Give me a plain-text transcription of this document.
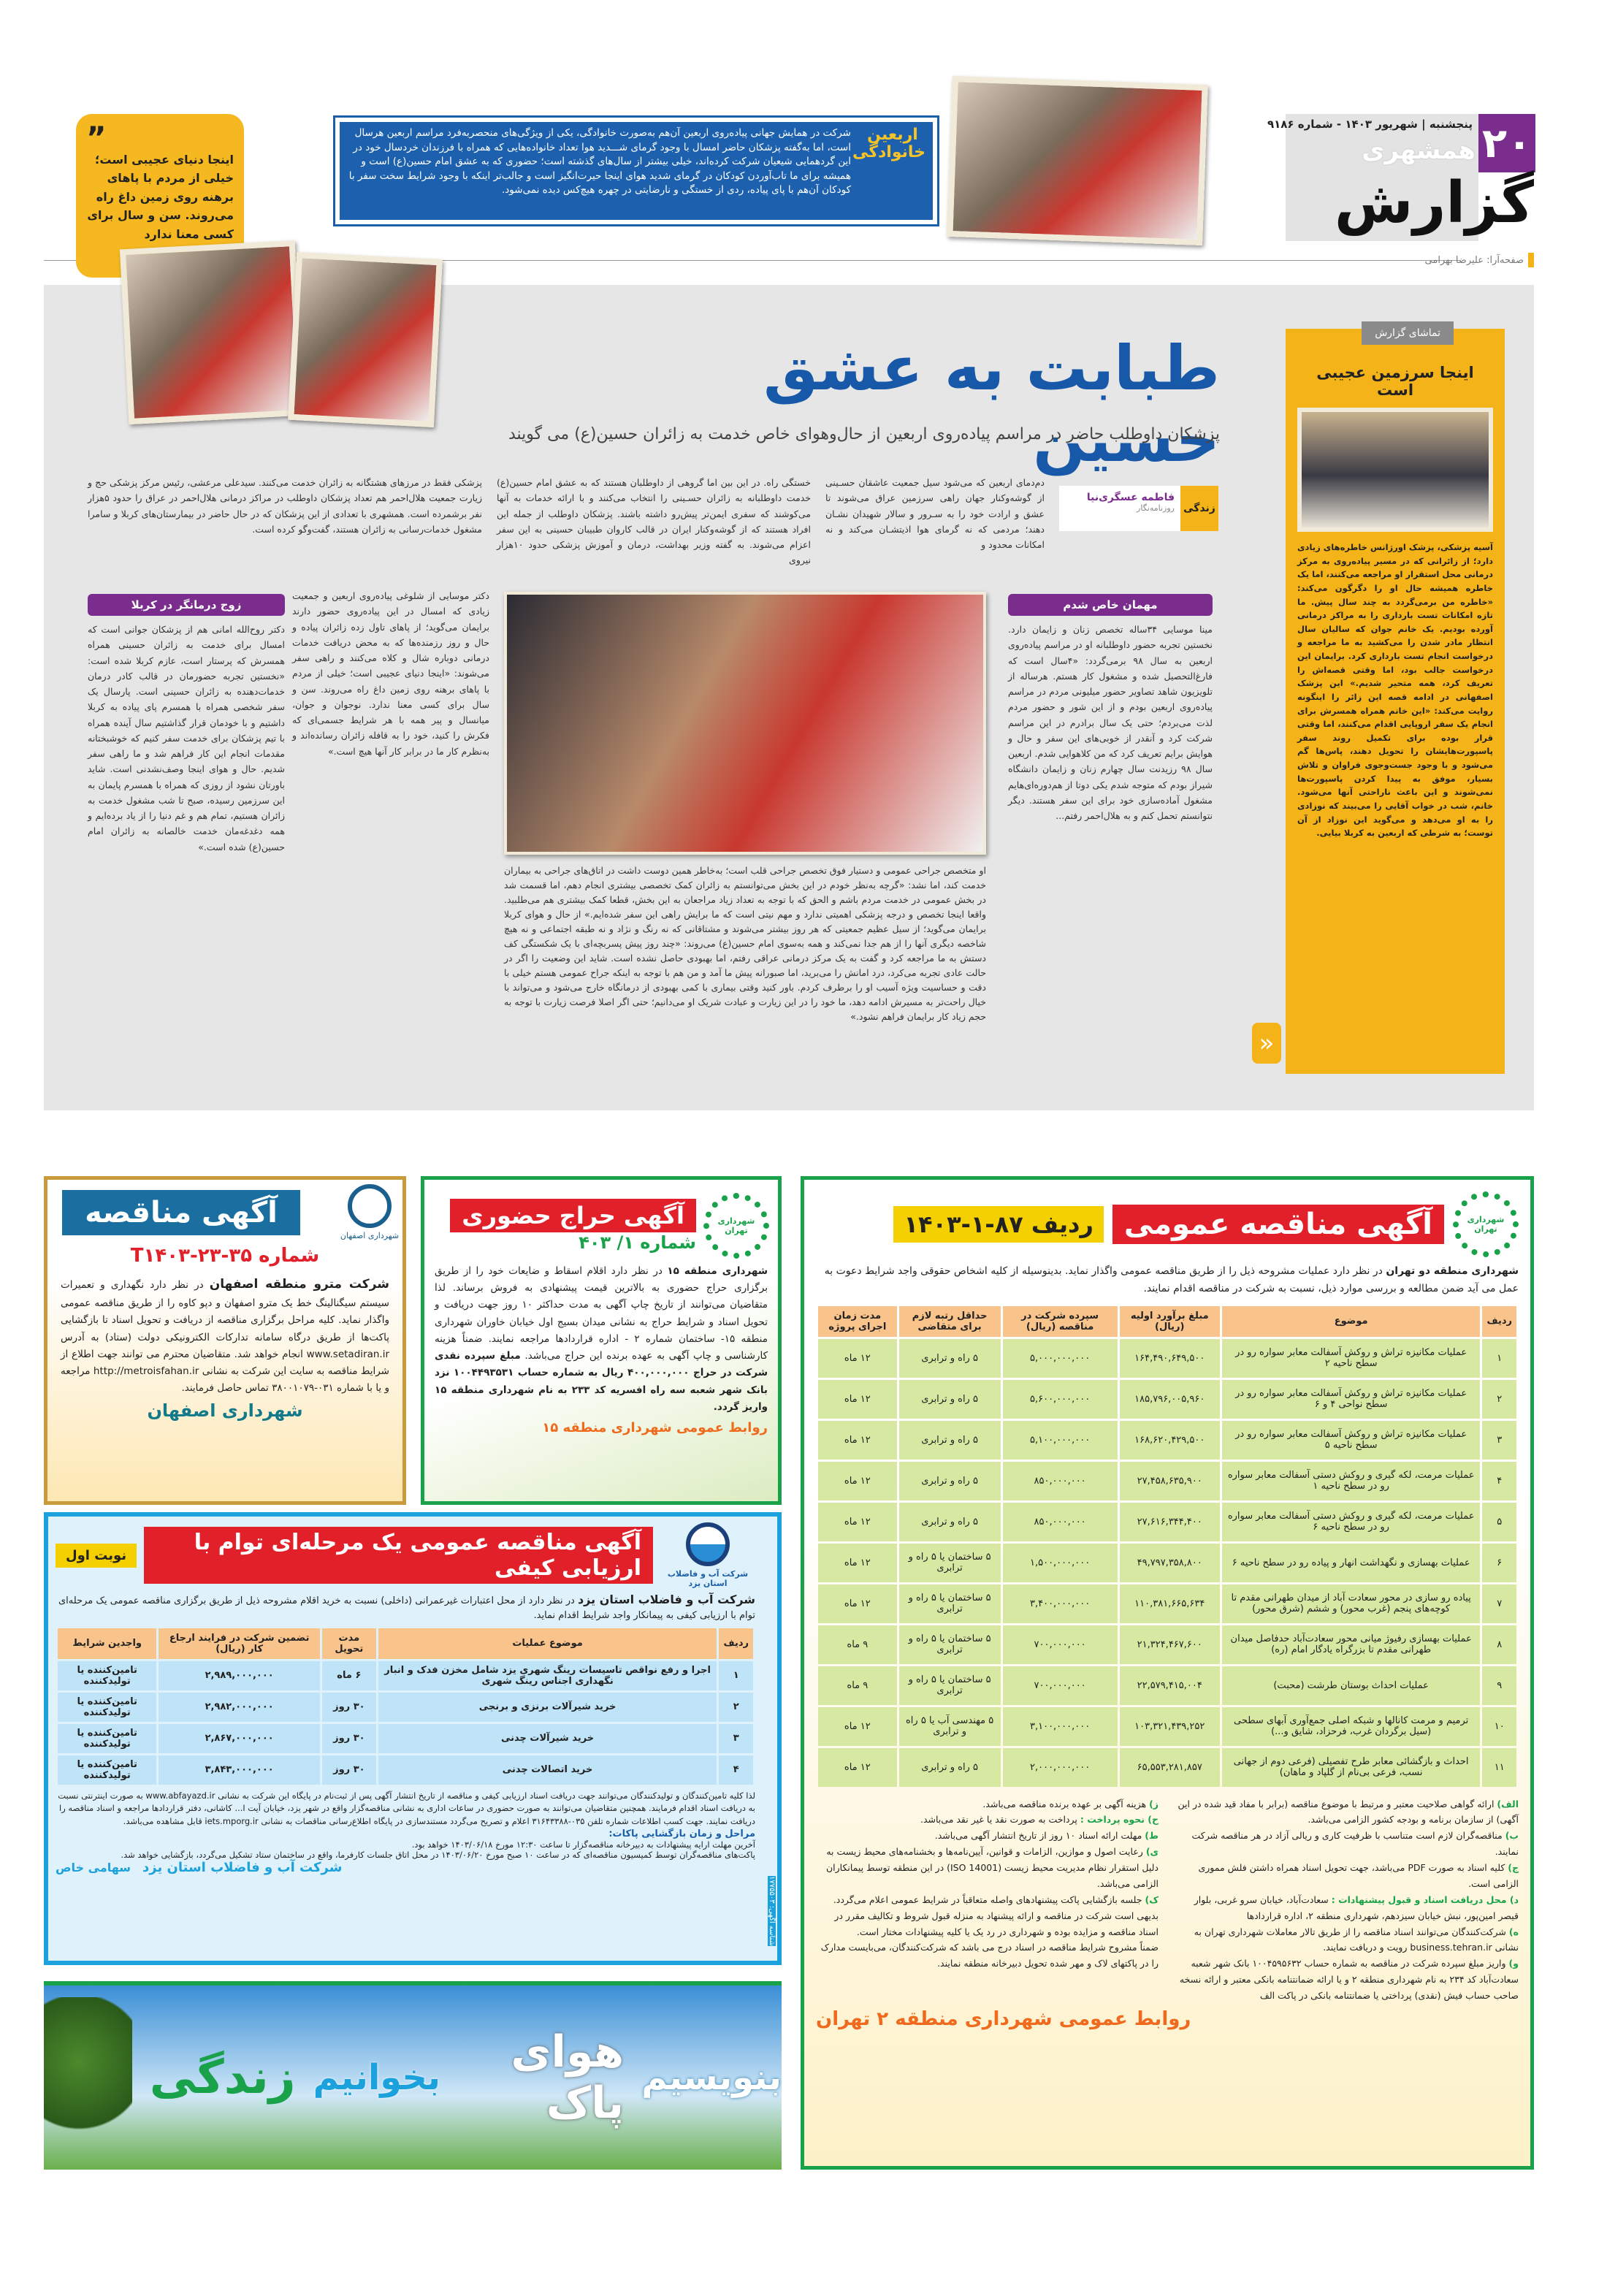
۲۰
پنجشنبه | شهریور ۱۴۰۳ - شماره ۹۱۸۶
همشهری
گزارش
صفحه‌آرا: علیرضا بهرامی
اربعین خانوادگی
شرکت در همایش جهانی پیاده‌روی اربعین آن‌هم به‌صورت خانوادگی، یکی از ویژگی‌های منحصربه‌فرد مراسم اربعین هرسال است، اما به‌گفته پزشکان حاضر امسال با وجود گرمای شـــدید هوا تعداد خانواده‌هایی که همراه با فرزندان خردسال خود در این گردهمایی شیعیان شرکت کرده‌اند، خیلی بیشتر از سال‌های گذشته است؛ حضوری که به عشق امام حسین(ع) است و همیشه برای ما تاب‌آوردن کودکان در گرمای شدید هوای اینجا حیرت‌انگیز است و جالب‌تر اینکه با وجود شرایط سخت سفر با کودکان آن‌هم با پای پیاده، ردی از خستگی و نارضایتی در چهره هیچ‌کس دیده نمی‌شود.
”
اینجا دنیای عجیبی است؛ خیلی از مردم با پاهای برهنه روی زمین داغ راه می‌روند. سن و سال برای کسی معنا ندارد
طبابت به عشق حسین
پزشکان داوطلب حاضر در مراسم پیاده‌روی اربعین از حال‌وهوای خاص خدمت به زائران حسین(ع) می گویند
زندگی
فاطمه عسگری‌نیا
روزنامه‌نگار
دم‌دمای اربعین که می‌شود سیل جمعیت عاشقان حسـینی از گوشه‌وکنار جهان راهی سرزمین عراق می‌شوند تا عشق و ارادت خود را به سـرور و سالار شهیدان نشـان دهند؛ مردمی که نه گرمای هوا اذیتشـان می‌کند و نه امکانات محدود و
خستگی راه. در این بین اما گروهی از داوطلبان هستند که به عشق امام حسین(ع) خدمت داوطلبانه به زائران حسـینی را انتخاب می‌کنند و با ارائه خدمات به آنها می‌کوشند که سفری ایمن‌تر پیش‌رو داشته باشند. پزشکان داوطلب از جمله این افراد هستند که از گوشه‌وکنار ایران در قالب کاروان طبیبان حسینی به این سفر اعزام می‌شوند. به گفته وزیر بهداشت، درمان و آموزش پزشکی حدود ۱۰هزار نیروی
پزشکی فقط در مرزهای هشتگانه به زائران خدمت می‌کنند. سیدعلی مرعشی، رئیس مرکز پزشکی حج و زیارت جمعیت هلال‌احمر هم تعداد پزشکان داوطلب در مراکز درمانی هلال‌احمر در عراق را حدود ۵هزار نفر برشمرده است. همشهری با تعدادی از این پزشکان که در حال حاضر در بیمارستان‌های کربلا و سامرا مشغول خدمات‌رسانی به زائران هستند، گفت‌وگو کرده است.
مهمان خاص شدم
مینا موسایی ۳۴ساله تخصص زنان و زایمان دارد. نخستین تجربه حضور داوطلبانه او در مراسم پیاده‌روی اربعین به سال ۹۸ برمی‌گردد: «۴سال است که فارغ‌التحصیل شده و مشغول کار هستم. هرساله از تلویزیون شاهد تصاویر حضور میلیونی مردم در مراسم پیاده‌روی اربعین بودم و از این شور و حضور مردم لذت می‌بردم؛ حتی یک سال برادرم در این مراسم شرکت کرد و آنقدر از خوبی‌های این سفر و حال و هوایش برایم تعریف کرد که من کلاهوایی شدم. اربعین سال ۹۸ رزیدنت سال چهارم زنان و زایمان دانشگاه شیراز بودم که متوجه شدم یکی دوتا از هم‌دوره‌ای‌هایم مشغول آماده‌سازی خود برای این سفر هستند. دیگر نتوانستم تحمل کنم و به هلال‌احمر رفتم...
دکتر موسایی از شلوغی پیاده‌روی اربعین و جمعیت زیادی که امسال در این پیاده‌روی حضور دارند برایمان می‌گوید؛ از پاهای تاول زده زائران پیاده و حال و روز رزمنده‌ها که به محض دریافت خدمات درمانی دوباره شال و کلاه می‌کنند و راهی سفر می‌شوند: «اینجا دنیای عجیبی است؛ خیلی از مردم با پاهای برهنه روی زمین داغ راه می‌روند. سن و سال برای کسی معنا ندارد. نوجوان و جوان، میانسال و پیر همه با هر شرایط جسمی‌ای که فکرش را کنید، خود را به قافله زائران رسانده‌اند و به‌نظرم کار ما در برابر کار آنها هیچ است.»
زوج درمانگر در کربلا
دکتر روح‌الله امانی هم از پزشکان جوانی است که امسال برای خدمت به زائران حسینی همراه همسرش که پرستار است، عازم کربلا شده است: «نخستین تجربه حضورمان در قالب کادر درمان خدمات‌دهنده به زائران حسینی است. پارسال یک سفر شخصی همراه با همسرم پای پیاده به کربلا داشتیم و با خودمان قرار گذاشتیم سال آینده همراه با تیم پزشکان برای خدمت سفر کنیم که خوشبختانه مقدمات انجام این کار فراهم شد و ما راهی سفر شدیم. حال و هوای اینجا وصف‌نشدنی است. شاید باورتان نشود از روزی که همراه با همسرم پایمان به این سرزمین رسیده، صبح تا شب مشغول خدمت به زائران هستیم، تمام هم و غم دنیا را از یاد برده‌ایم و همه دغدغه‌مان خدمت خالصانه به زائران امام حسین(ع) شده است.»
او متخصص جراحی عمومی و دستیار فوق تخصص جراحی قلب است؛ به‌خاطر همین دوست داشت در اتاق‌های جراحی به بیماران خدمت کند، اما نشد: «گرچه به‌نظر خودم در این بخش می‌توانستم به زائران کمک تخصصی بیشتری انجام دهم، اما قسمت شد در بخش عمومی در خدمت مردم باشم و الحق که با توجه به تعداد زیاد مراجعان به این بخش، قطعا کمک بیشتری هم می‌طلبید. واقعا اینجا تخصص و درجه پزشکی اهمیتی ندارد و مهم نیتی است که ما برایش راهی این سفر شده‌ایم.» از حال و هوای کربلا برایمان می‌گوید؛ از سیل عظیم جمعیتی که هر روز بیشتر می‌شوند و مشتاقانی که نه رنگ و نژاد و نه طبقه اجتماعی و نه هیچ شاخصه دیگری آنها را از هم جدا نمی‌کند و همه به‌سوی امام حسین(ع) می‌روند: «چند روز پیش پسربچه‌ای با یک شکستگی کف دستش به ما مراجعه کرد و گفت به یک مرکز درمانی عراقی رفتم، اما بهبودی حاصل نشده است. شاید این وضعیت را اگر در حالت عادی تجربه می‌کرد، درد امانش را می‌برید، اما صبورانه پیش ما آمد و من هم با توجه به اینکه جراح عمومی هستم خیلی با دقت و حساسیت ویژه آسیب او را برطرف کردم. باور کنید وقتی بیماری با کمی بهبودی از درمانگاه خارج می‌شود و می‌تواند با خیال راحت‌تر به مسیرش ادامه دهد، ما خود را در این زیارت و عبادت شریک او می‌دانیم؛ حتی اگر اصلا فرصت زیارت با توجه به حجم زیاد کار برایمان فراهم نشود.»
تماشای گزارش
اینجا سرزمین عجیبی است
آسیه پزشکی، پزشک اورژانس خاطره‌های زیادی دارد؛ از زائرانی که در مسیر پیاده‌روی به مرکز درمانی محل استقرار او مراجعه می‌کنند، اما یک خاطره همیشه حال او را دگرگون می‌کند: «خاطره من برمی‌گردد به چند سال پیش. ما تازه امکانات تست بارداری را به مراکز درمانی آورده بودیم. یک خانم جوان که سالیان سال انتظار مادر شدن را می‌کشید به ما مراجعه و درخواست انجام تست بارداری کرد. برایمان این درخواست جالب بود، اما وقتی قصه‌اش را تعریف کرد، همه متحیر شدیم.» این پزشک اصفهانی در ادامه قصه این زائر را اینگونه روایت می‌کند: «این خانم همراه همسرش برای انجام یک سفر اروپایی اقدام می‌کنند، اما وقتی قرار بوده برای تکمیل روند سفر پاسپورت‌هایشان را تحویل دهند، پاس‌ها گم می‌شود و با وجود جست‌وجوی فراوان و تلاش بسیار، موفق به پیدا کردن پاسپورت‌ها نمی‌شوند و این باعث ناراحتی آنها می‌شود. خانم، شب در خواب آقایی را می‌بیند که نوزادی را به او می‌دهد و می‌گوید این نوزاد از آن توست؛ به شرطی که اربعین به کربلا بیایی.
«
شهرداری تهران
آگهی مناقصه عمومی
ردیف ۸۷-۱-۱۴۰۳

شهرداری منطقه دو تهران در نظر دارد عملیات مشروحه ذیل را از طریق مناقصه عمومی واگذار نماید. بدینوسیله از کلیه اشخاص حقوقی واجد شرایط دعوت به عمل می آید ضمن مطالعه و بررسی موارد ذیل، نسبت به شرکت در مناقصه اقدام نمایند.

ردیف	موضوع	مبلغ برآورد اولیه (ریال)	سپرده شرکت در مناقصه (ریال)	حداقل رتبه لازم برای متقاضی	مدت زمان اجرای پروژه
۱	عملیات مکانیزه تراش و روکش آسفالت معابر سواره رو در سطح ناحیه ۲	۱۶۴,۴۹۰,۶۴۹,۵۰۰	۵,۰۰۰,۰۰۰,۰۰۰	۵ راه و ترابری	۱۲ ماه
۲	عملیات مکانیزه تراش و روکش آسفالت معابر سواره رو در سطح نواحی ۴ و ۶	۱۸۵,۷۹۶,۰۰۵,۹۶۰	۵,۶۰۰,۰۰۰,۰۰۰	۵ راه و ترابری	۱۲ ماه
۳	عملیات مکانیزه تراش و روکش آسفالت معابر سواره رو در سطح ناحیه ۵	۱۶۸,۶۲۰,۴۲۹,۵۰۰	۵,۱۰۰,۰۰۰,۰۰۰	۵ راه و ترابری	۱۲ ماه
۴	عملیات مرمت، لکه گیری و روکش دستی آسفالت معابر سواره رو در سطح ناحیه ۱	۲۷,۴۵۸,۶۳۵,۹۰۰	۸۵۰,۰۰۰,۰۰۰	۵ راه و ترابری	۱۲ ماه
۵	عملیات مرمت، لکه گیری و روکش دستی آسفالت معابر سواره رو در سطح ناحیه ۶	۲۷,۶۱۶,۳۴۴,۴۰۰	۸۵۰,۰۰۰,۰۰۰	۵ راه و ترابری	۱۲ ماه
۶	عملیات بهسازی و نگهداشت انهار و پیاده رو در سطح ناحیه ۶	۴۹,۷۹۷,۳۵۸,۸۰۰	۱,۵۰۰,۰۰۰,۰۰۰	۵ ساختمان یا ۵ راه و ترابری	۱۲ ماه
۷	پیاده رو سازی در محور سعادت آباد از میدان طهرانی مقدم تا کوچه‌های پنجم (غرب محور) و ششم (شرق محور)	۱۱۰,۳۸۱,۶۶۵,۶۳۴	۳,۴۰۰,۰۰۰,۰۰۰	۵ ساختمان یا ۵ راه و ترابری	۱۲ ماه
۸	عملیات بهسازی رفیوژ میانی محور سعادت‌آباد حدفاصل میدان طهرانی مقدم تا بزرگراه یادگار امام (ره)	۲۱,۳۲۴,۴۶۷,۶۰۰	۷۰۰,۰۰۰,۰۰۰	۵ ساختمان یا ۵ راه و ترابری	۹ ماه
۹	عملیات احداث بوستان طرشت (محبت)	۲۲,۵۷۹,۴۱۵,۰۰۴	۷۰۰,۰۰۰,۰۰۰	۵ ساختمان یا ۵ راه و ترابری	۹ ماه
۱۰	ترمیم و مرمت کانالها و شبکه اصلی جمع‌آوری آبهای سطحی (سیل برگردان غرب، فرحزاد، شایق و...)	۱۰۳,۳۲۱,۴۳۹,۲۵۲	۳,۱۰۰,۰۰۰,۰۰۰	۵ مهندسی آب یا ۵ راه و ترابری	۱۲ ماه
۱۱	احداث و بازگشائی معابر طرح تفصیلی (فرعی دوم از جهانی نسب، فرعی بی‌نام از گلپاد و ماهان)	۶۵,۵۵۳,۲۸۱,۸۵۷	۲,۰۰۰,۰۰۰,۰۰۰	۵ راه و ترابری	۱۲ ماه

الف) ارائه گواهی صلاحیت معتبر و مرتبط با موضوع مناقصه (برابر با مفاد قید شده در این آگهی) از سازمان برنامه و بودجه کشور الزامی می‌باشد.

ب) مناقصه‌گران لازم است متناسب با ظرفیت کاری و ریالی آزاد در هر مناقصه شرکت نمایند.

ج) کلیه اسناد به صورت PDF می‌باشد، جهت تحویل اسناد همراه داشتن فلش مموری الزامی است.

د) محل دریافت اسناد و قبول پیشنهادات : سعادت‌آباد، خیابان سرو غربی، بلوار قیصر امین‌پور، نبش خیابان سیزدهم، شهرداری منطقه ۲، اداره قراردادها

ه) شرکت‌کنندگان می‌توانند اسناد مناقصه را از طریق تالار معاملات شهرداری تهران به نشانی business.tehran.ir رویت و دریافت نمایند.

و) واریز مبلغ سپرده شرکت در مناقصه به شماره حساب ۱۰۰۴۵۹۵۶۳۲ بانک شهر شعبه سعادت‌آباد کد ۲۳۴ به نام شهرداری منطقه ۲ و یا ارائه ضمانتنامه بانکی معتبر و ارائه نسخه صاحب حساب فیش (نقدی) پرداختی یا ضمانتنامه بانکی در پاکت الف

ز) هزینه آگهی بر عهده برنده مناقصه می‌باشد.

ح) نحوه پرداخت : پرداخت به صورت نقد یا غیر نقد می‌باشد.

ط) مهلت ارائه اسناد ۱۰ روز از تاریخ انتشار آگهی می‌باشد.

ی) رعایت اصول و موازین، الزامات و قوانین، آیین‌نامه‌ها و بخشنامه‌های محیط زیست به دلیل استقرار نظام مدیریت محیط زیست (ISO 14001) در این منطقه توسط پیمانکاران الزامی می‌باشد.

ک) جلسه بازگشایی پاکت پیشنهادهای واصله متعاقباً در شرایط عمومی اعلام می‌گردد.

بدیهی است شرکت در مناقصه و ارائه پیشنهاد به منزله قبول شروط و تکالیف مقرر در اسناد مناقصه و مزایده بوده و شهرداری در رد یک یا کلیه پیشنهادات مختار است.

ضمناً مشروح شرایط مناقصه در اسناد درج می باشد که شرکت‌کنندگان، می‌بایست مدارک را در پاکتهای لاک و مهر شده تحویل دبیرخانه منطقه نمایند.

روابط عمومی شهرداری منطقه ۲ تهران
شهرداری اصفهان
آگهی مناقصه
شماره ۳۵-۲۳-T۱۴۰۳

شرکت مترو منطقه اصفهان در نظر دارد نگهداری و تعمیرات سیستم سیگنالینگ خط یک مترو اصفهان و دپو کاوه را از طریق مناقصه عمومی واگذار نماید. کلیه مراحل برگزاری مناقصه از دریافت و تحویل اسناد تا بازگشایی پاکت‌ها از طریق درگاه سامانه تدارکات الکترونیکی دولت (ستاد) به آدرس www.setadiran.ir انجام خواهد شد. متقاضیان محترم می توانند جهت اطلاع از شرایط مناقصه به سایت این شرکت به نشانی http://metroisfahan.ir مراجعه و یا با شماره ۰۳۱-۳۸۰۰۱۰۷۹ تماس حاصل فرمایند.

شهرداری اصفهان
شهرداری تهران
آگهی حراج حضوری
شماره ۱/ ۴۰۳

شهرداری منطقه ۱۵ در نظر دارد اقلام اسقاط و ضایعات خود را از طریق برگزاری حراج حضوری به بالاترین قیمت پیشنهادی به فروش برساند. لذا متقاضیان می‌توانند از تاریخ چاپ آگهی به مدت حداکثر ۱۰ روز جهت دریافت و تحویل اسناد و شرایط حراج به نشانی میدان بسیج اول خیابان خاوران شهرداری منطقه ۱۵- ساختمان شماره ۲ - اداره قراردادها مراجعه نمایند. ضمناً هزینه کارشناسی و چاپ آگهی به عهده برنده این حراج می‌باشد. مبلغ سپرده نقدی شرکت در حراج ۴۰۰,۰۰۰,۰۰۰ ریال به شماره حساب ۱۰۰۴۴۹۳۵۳۱ نزد بانک شهر شعبه سه راه افسریه کد ۲۳۳ به نام شهرداری منطقه ۱۵ واریز گردد.

روابط عمومی شهرداری منطقه ۱۵
شرکت آب و فاضلاب استان یزد
آگهی مناقصه عمومی یک مرحله‌ای توام با ارزیابی کیفی
نوبت اول

شرکت آب و فاضلاب استان یزد در نظر دارد از محل اعتبارات غیرعمرانی (داخلی) نسبت به خرید اقلام مشروحه ذیل از طریق برگزاری مناقصه عمومی یک مرحله‌ای توام با ارزیابی کیفی به پیمانکار واجد شرایط اقدام نماید.

ردیف	موضوع عملیات	مدت تحویل	تضمین شرکت در فرایند ارجاع کار (ریال)	واجدین شرایط
۱	اجرا و رفع نواقص تاسیسات رینگ شهری یزد شامل مخزن فدک و انبار نگهداری اجناس رینگ شهری	۶ ماه	۲,۹۸۹,۰۰۰,۰۰۰	تامین‌کننده یا تولیدکننده
۲	خرید شیرآلات برنزی و برنجی	۳۰ روز	۲,۹۸۲,۰۰۰,۰۰۰	تامین‌کننده یا تولیدکننده
۳	خرید شیرآلات چدنی	۳۰ روز	۲,۸۶۷,۰۰۰,۰۰۰	تامین‌کننده یا تولیدکننده
۴	خرید اتصالات چدنی	۳۰ روز	۳,۸۴۳,۰۰۰,۰۰۰	تامین‌کننده یا تولیدکننده

لذا کلیه تامین‌کنندگان و تولیدکنندگان می‌توانند جهت دریافت اسناد ارزیابی کیفی و مناقصه از تاریخ انتشار آگهی پس از ثبت‌نام در پایگاه این شرکت به نشانی www.abfayazd.ir به صورت اینترنتی نسبت به دریافت اسناد اقدام فرمایند. همچنین متقاضیان می‌توانند به صورت حضوری در ساعات اداری به نشانی مناقصه‌گزار واقع در شهر یزد، خیابان آیت ا... کاشانی، دفتر قراردادها مراجعه و اسناد مناقصه را دریافت نمایند. جهت کسب اطلاعات شماره تلفن ۰۳۵-۳۱۶۴۳۳۸۸ اعلام و تصریح می‌گردد مستندسازی در پایگاه اطلاع‌رسانی مناقصات به نشانی iets.mporg.ir قابل مشاهده می‌باشد.

مراحل و زمان بازگشایی پاکات:

آخرین مهلت ارایه پیشنهادات به دبیرخانه مناقصه‌گزار تا ساعت ۱۲:۳۰ مورخ ۱۴۰۳/۰۶/۱۸ خواهد بود.

پاکت‌های مناقصه‌گران توسط کمیسیون مناقصه‌ای که در ساعت ۱۰ صبح مورخ ۱۴۰۳/۰۶/۲۰ در محل اتاق جلسات کارفرما، واقع در ساختمان ستاد تشکیل می‌گردد، بازگشایی خواهد شد.

شرکت آب و فاضلاب استان یزد
سهامی خاص
شناسه آگهی: ۱۷۷۵۵۰۳
بنویسیم
هوای پاک
بخوانیم
زندگی
